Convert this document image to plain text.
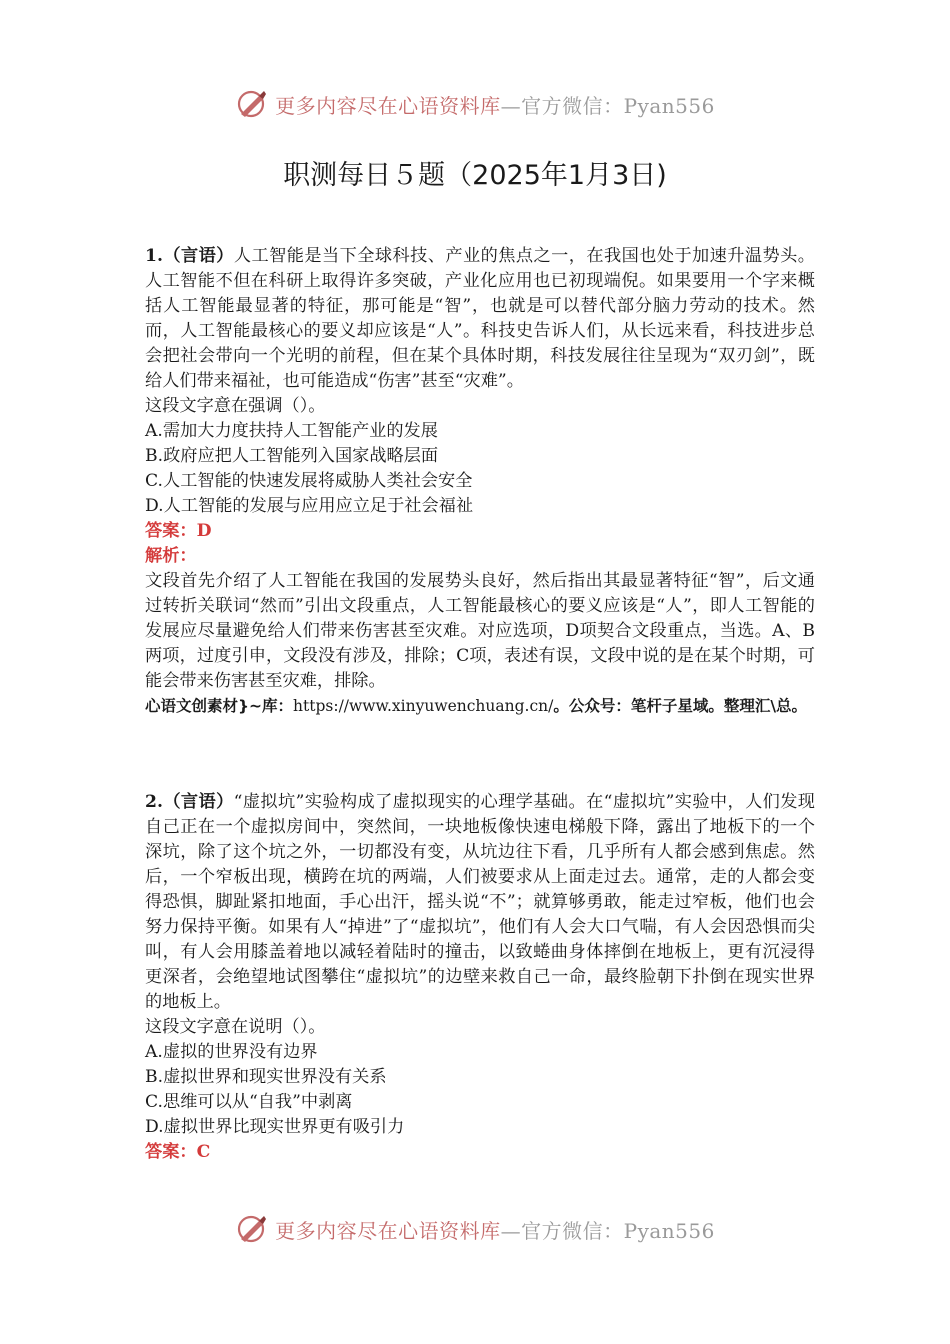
更多内容尽在心语资料库—官方微信：Pyan556
职测每日５题（2025年1月3日)

1.（言语）人工智能是当下全球科技、产业的焦点之一，在我国也处于加速升温势头。人工智能不但在科研上取得许多突破，产业化应用也已初现端倪。如果要用一个字来概括人工智能最显著的特征，那可能是“智”，也就是可以替代部分脑力劳动的技术。然而，人工智能最核心的要义却应该是“人”。科技史告诉人们，从长远来看，科技进步总会把社会带向一个光明的前程，但在某个具体时期，科技发展往往呈现为“双刃剑”，既给人们带来福祉，也可能造成“伤害”甚至“灾难”。

这段文字意在强调（）。

A.需加大力度扶持人工智能产业的发展

B.政府应把人工智能列入国家战略层面

C.人工智能的快速发展将威胁人类社会安全

D.人工智能的发展与应用应立足于社会福祉

答案：D

解析：

文段首先介绍了人工智能在我国的发展势头良好，然后指出其最显著特征“智”，后文通过转折关联词“然而”引出文段重点，人工智能最核心的要义应该是“人”，即人工智能的发展应尽量避免给人们带来伤害甚至灾难。对应选项，D项契合文段重点，当选。A、B两项，过度引申，文段没有涉及，排除；C项，表述有误，文段中说的是在某个时期，可能会带来伤害甚至灾难，排除。

心语文创素材}~库：https://www.xinyuwenchuang.cn/。公众号：笔杆子星域。整理汇\总。

2.（言语）“虚拟坑”实验构成了虚拟现实的心理学基础。在“虚拟坑”实验中，人们发现自己正在一个虚拟房间中，突然间，一块地板像快速电梯般下降，露出了地板下的一个深坑，除了这个坑之外，一切都没有变，从坑边往下看，几乎所有人都会感到焦虑。然后，一个窄板出现，横跨在坑的两端，人们被要求从上面走过去。通常，走的人都会变得恐惧，脚趾紧扣地面，手心出汗，摇头说“不”；就算够勇敢，能走过窄板，他们也会努力保持平衡。如果有人“掉进”了“虚拟坑”，他们有人会大口气喘，有人会因恐惧而尖叫，有人会用膝盖着地以减轻着陆时的撞击，以致蜷曲身体摔倒在地板上，更有沉浸得更深者，会绝望地试图攀住“虚拟坑”的边壁来救自己一命，最终脸朝下扑倒在现实世界的地板上。

这段文字意在说明（）。

A.虚拟的世界没有边界

B.虚拟世界和现实世界没有关系

C.思维可以从“自我”中剥离

D.虚拟世界比现实世界更有吸引力

答案：C

更多内容尽在心语资料库—官方微信：Pyan556
